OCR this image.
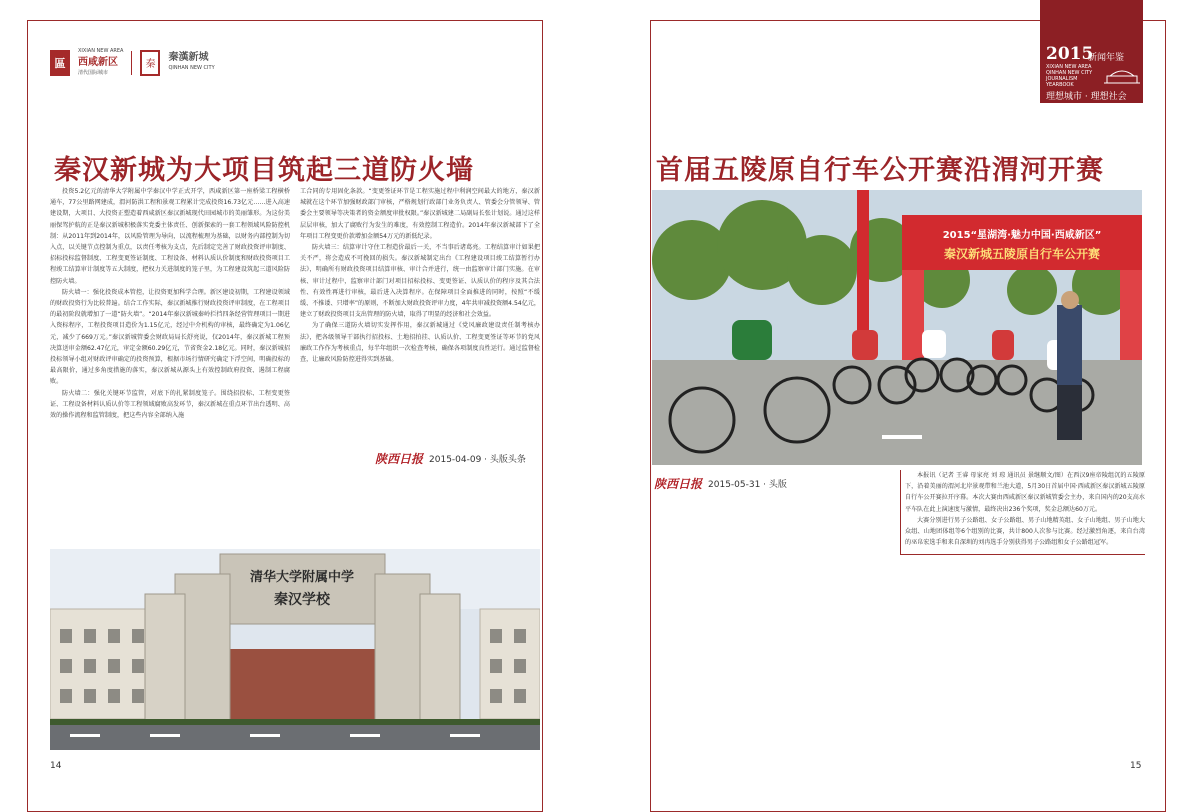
區
XIXIAN NEW AREA
西咸新区
清代国际城市
秦
秦漢新城
QINHAN NEW CITY
2015
新闻年鉴
XIXIAN NEW AREA QINHAN NEW CITY JOURNALISM YEARBOOK
理想城市 · 理想社会
秦汉新城为大项目筑起三道防火墙

投资5.2亿元的清华大学附属中学秦汉中学正式开学，西咸新区第一座桥梁工程横桥通车，77公里路网建成，渭河防洪工程和景观工程累计完成投资16.73亿元……进入高速建设期，大项目、大投资正塑造着西咸新区秦汉新城现代田园城市的美丽雏形。为这份美丽保驾护航的正是秦汉新城积极落实党委主体责任、创新探索的一套工程领域风险防控机制：从2011年到2014年，以风险管理为导向，以流程梳理为基础，以财务内部控制为切入点，以关键节点控制为重点，以责任考核为支点，先后制定完善了财政投资评审制度、招标投标监督制度、工程变更签证制度、工程设备、材料认质认价制度和财政投资项目工程竣工结算审计制度等五大制度，把权力关进制度的笼子里，为工程建设筑起三道风险防控防火墙。

防火墙一：强化投资成本管控，让投资更加科学合理。新区建设初期，工程建设领域的财政投资行为比较普遍。结合工作实际，秦汉新城推行财政投资评审制度，在工程项目的最初阶段就增加了一道“防火墙”。“2014年秦汉新城秦岭拦挡四条经营管理项目一期进入资标程序，工程投资项目造价为1.15亿元，经过中介机构的审核，最终确定为1.06亿元，减少了669万元。”秦汉新城管委会财政局局长舒亮说，仅2014年，秦汉新城工程预决算送审金额62.47亿元，审定金额60.29亿元，节省资金2.18亿元。同时，秦汉新城招投标领导小组对财政评审确定的投资预算，根据市场行情研究确定下浮空间，明确投标的最高限价，通过多角度措施的落实，秦汉新城从源头上有效控制政府投资、遏制工程腐败。

防火墙二：强化关键环节监管，对底下的扎紧制度笼子。围绕招投标、工程变更签证、工程设备材料认质认价等工程领域腐败高发环节，秦汉新城在重点环节出台透明、高效的操作流程和监管制度，把这些内容全部纳入施

工合同的专用固化条款。“变更签证环节是工程实施过程中利润空间最大的地方，秦汉新城就在这个环节加强财政部门审核，严格规划行政部门业务负责人、管委会分管领导、管委会主要领导等决策者的资金额度审批权限。”秦汉新城建二局副局长张计划说。通过这样层层审核，加大了腐败行为发生的难度，有效控制工程造价。2014年秦汉新城部下了全年项目工程变更价款增加金额54万元的新低纪录。

防火墙三：结算审计守住工程造价最后一关，不当事后诸葛亮。工程结算审计如果把关不严，将会造成不可挽回的损失。秦汉新城制定出台《工程建设项目竣工结算暂行办法》，明确所有财政投资项目结算审核、审计合并进行，统一由监察审计部门实施。在审核、审计过程中，监察审计部门对项目招标投标、变更签证、认质认价的程序及其合法性、有效性再进行审核，最后进入决算程序。在保障项目全面推进的同时，按照“不缓缓、不推诿、只增率”的原则，不断加大财政投资评审力度，4年共审减投资额4.54亿元，建立了财政投资项目支出管理的防火墙，取得了明显的经济和社会效益。

为了确保三道防火墙切实发挥作用，秦汉新城通过《党风廉政建设责任制考核办法》，把各级领导干部执行招投标、土地招拍挂、认质认价、工程变更签证等环节的党风廉政工作作为考核重点，每半年组织一次检查考核，确保各项制度良性运行。通过监督检查，让廉政风险防控进得实到基础。

陕西日报 2015-04-09 · 头版头条
清华大学附属中学
秦汉学校
首届五陵原自行车公开赛沿渭河开赛
2015“星湖湾·魅力中国·西咸新区”
秦汉新城五陵原自行车公开赛
陕西日报 2015-05-31 · 头版

本报讯（记者 王睿 母家亮 刘 琼 通讯员 景继顺文/图）在西汉9座帝陵组沉的五陵原下，沿着美丽的渭河北岸景观带和兰池大道，5月30日首届中国·西咸新区秦汉新城五陵原自行车公开赛拉开序幕。本次大赛由西咸新区秦汉新城管委会主办，来自国内的20支高水平车队在此上演速度与激情，最终决出236个奖项，奖金总额达60万元。

大赛分别进行男子公路组、女子公路组、男子山地精英组、女子山地组、男子山地大众组、山地团体组等6个组别的比赛，共计800人次参与比赛。经过激烈角逐，来自台湾的巫帛宏选手和来自深圳的刘冉选手分别获得男子公路组和女子公路组冠军。

14	15
